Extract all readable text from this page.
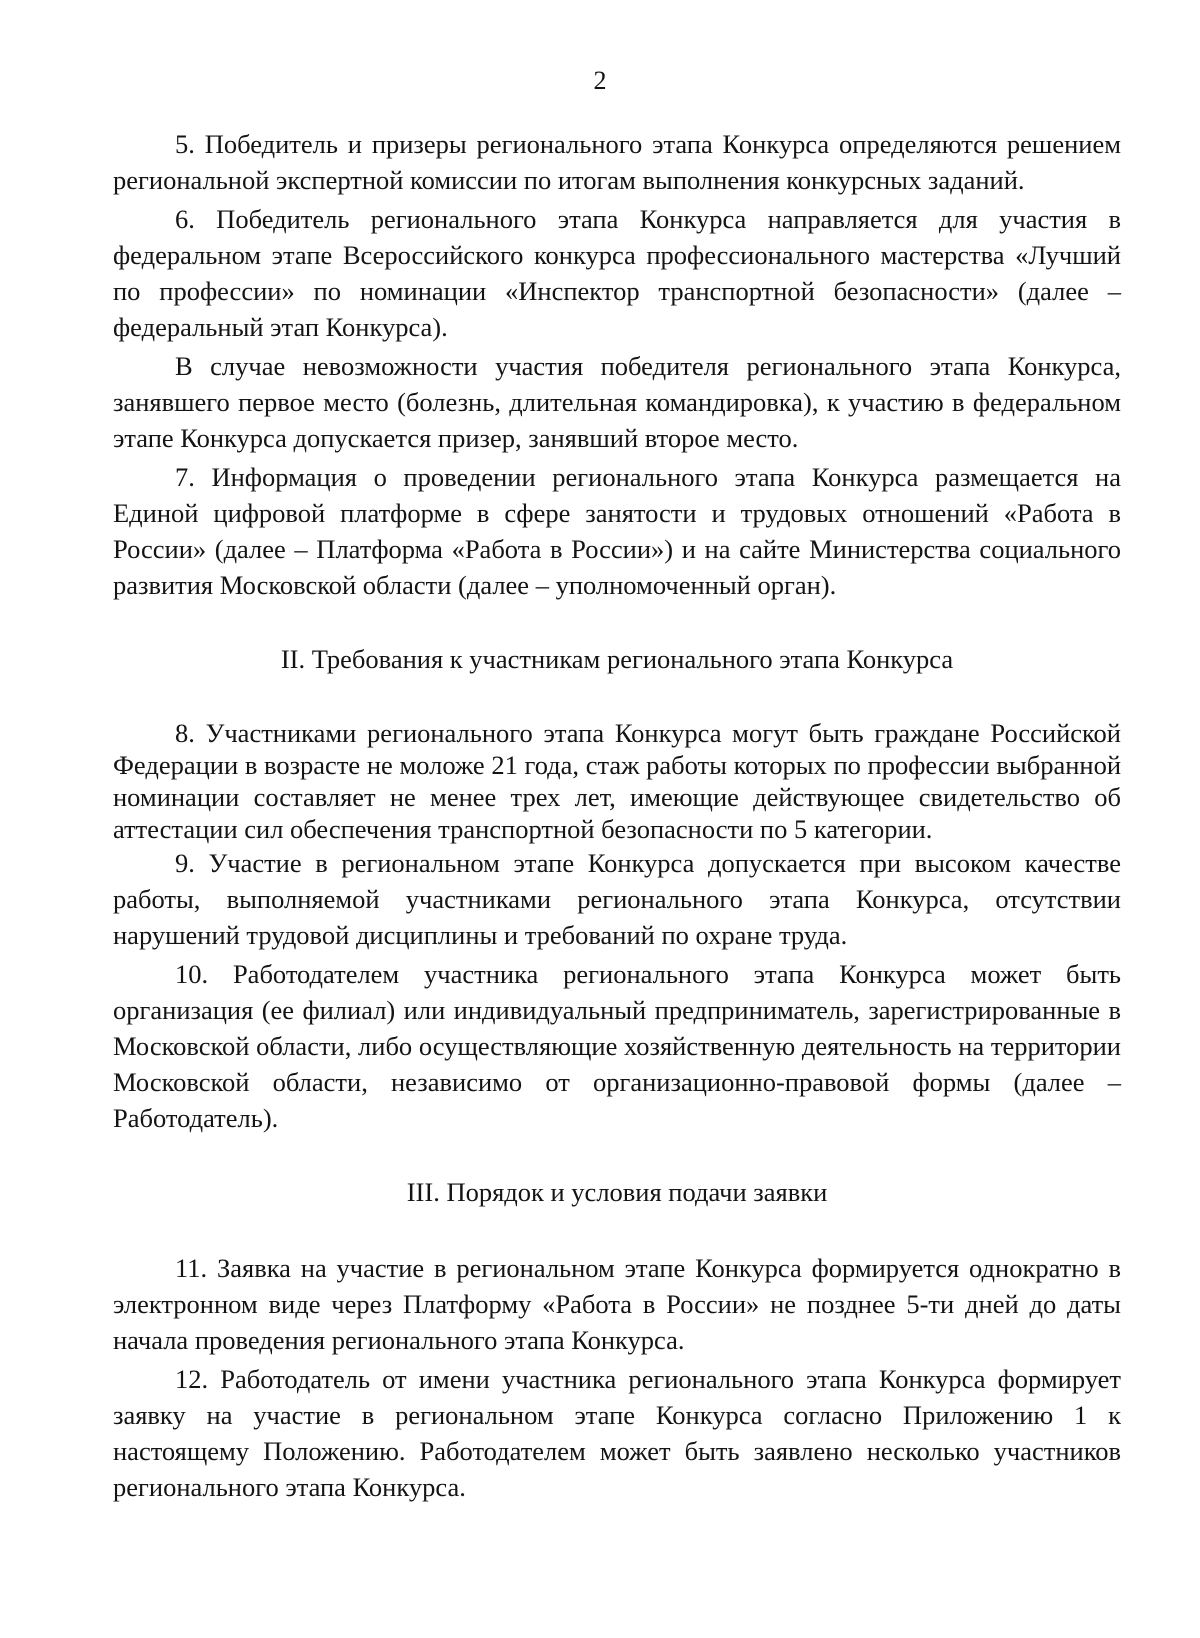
2

5. Победитель и призеры регионального этапа Конкурса определяются решением региональной экспертной комиссии по итогам выполнения конкурсных заданий.

6. Победитель регионального этапа Конкурса направляется для участия в федеральном этапе Всероссийского конкурса профессионального мастерства «Лучший по профессии» по номинации «Инспектор транспортной безопасности» (далее – федеральный этап Конкурса).

В случае невозможности участия победителя регионального этапа Конкурса, занявшего первое место (болезнь, длительная командировка), к участию в федеральном этапе Конкурса допускается призер, занявший второе место.

7. Информация о проведении регионального этапа Конкурса размещается на Единой цифровой платформе в сфере занятости и трудовых отношений «Работа в России» (далее – Платформа «Работа в России») и на сайте Министерства социального развития Московской области (далее – уполномоченный орган).

II. Требования к участникам регионального этапа Конкурса

8. Участниками регионального этапа Конкурса могут быть граждане Российской Федерации в возрасте не моложе 21 года, стаж работы которых по профессии выбранной номинации составляет не менее трех лет, имеющие действующее свидетельство об аттестации сил обеспечения транспортной безопасности по 5 категории.

9. Участие в региональном этапе Конкурса допускается при высоком качестве работы, выполняемой участниками регионального этапа Конкурса, отсутствии нарушений трудовой дисциплины и требований по охране труда.

10. Работодателем участника регионального этапа Конкурса может быть организация (ее филиал) или индивидуальный предприниматель, зарегистрированные в Московской области, либо осуществляющие хозяйственную деятельность на территории Московской области, независимо от организационно-правовой формы (далее – Работодатель).

III. Порядок и условия подачи заявки

11. Заявка на участие в региональном этапе Конкурса формируется однократно в электронном виде через Платформу «Работа в России» не позднее 5-ти дней до даты начала проведения регионального этапа Конкурса.

12. Работодатель от имени участника регионального этапа Конкурса формирует заявку на участие в региональном этапе Конкурса согласно Приложению 1 к настоящему Положению. Работодателем может быть заявлено несколько участников регионального этапа Конкурса.
